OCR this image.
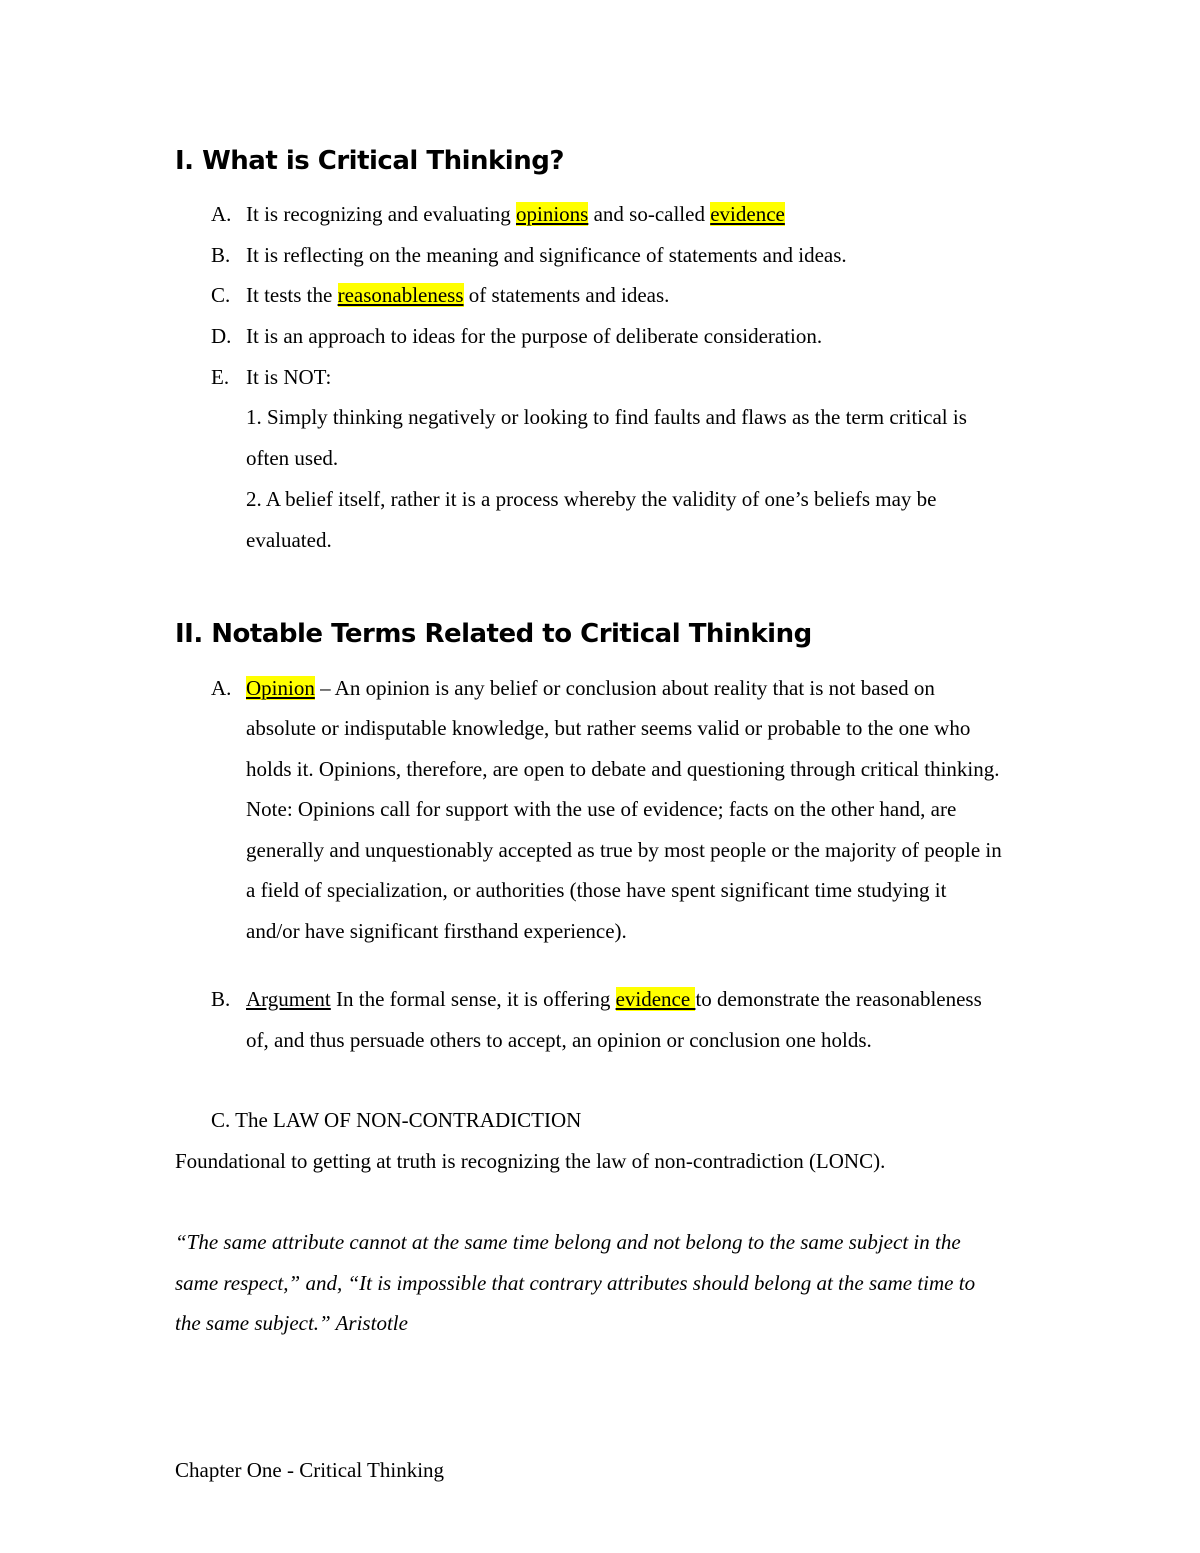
I. What is Critical Thinking?
A. It is recognizing and evaluating opinions and so-called evidence
B. It is reflecting on the meaning and significance of statements and ideas.
C. It tests the reasonableness of statements and ideas.
D. It is an approach to ideas for the purpose of deliberate consideration.
E. It is NOT:
1. Simply thinking negatively or looking to find faults and flaws as the term critical is
often used.
2. A belief itself, rather it is a process whereby the validity of one’s beliefs may be
evaluated.
II. Notable Terms Related to Critical Thinking
A. Opinion – An opinion is any belief or conclusion about reality that is not based on
absolute or indisputable knowledge, but rather seems valid or probable to the one who
holds it. Opinions, therefore, are open to debate and questioning through critical thinking.
Note: Opinions call for support with the use of evidence; facts on the other hand, are
generally and unquestionably accepted as true by most people or the majority of people in
a field of specialization, or authorities (those have spent significant time studying it
and/or have significant firsthand experience).
B. Argument In the formal sense, it is offering evidence to demonstrate the reasonableness
of, and thus persuade others to accept, an opinion or conclusion one holds.
C. The LAW OF NON-CONTRADICTION
Foundational to getting at truth is recognizing the law of non-contradiction (LONC).
“The same attribute cannot at the same time belong and not belong to the same subject in the
same respect,” and, “It is impossible that contrary attributes should belong at the same time to
the same subject.” Aristotle
Chapter One - Critical Thinking
